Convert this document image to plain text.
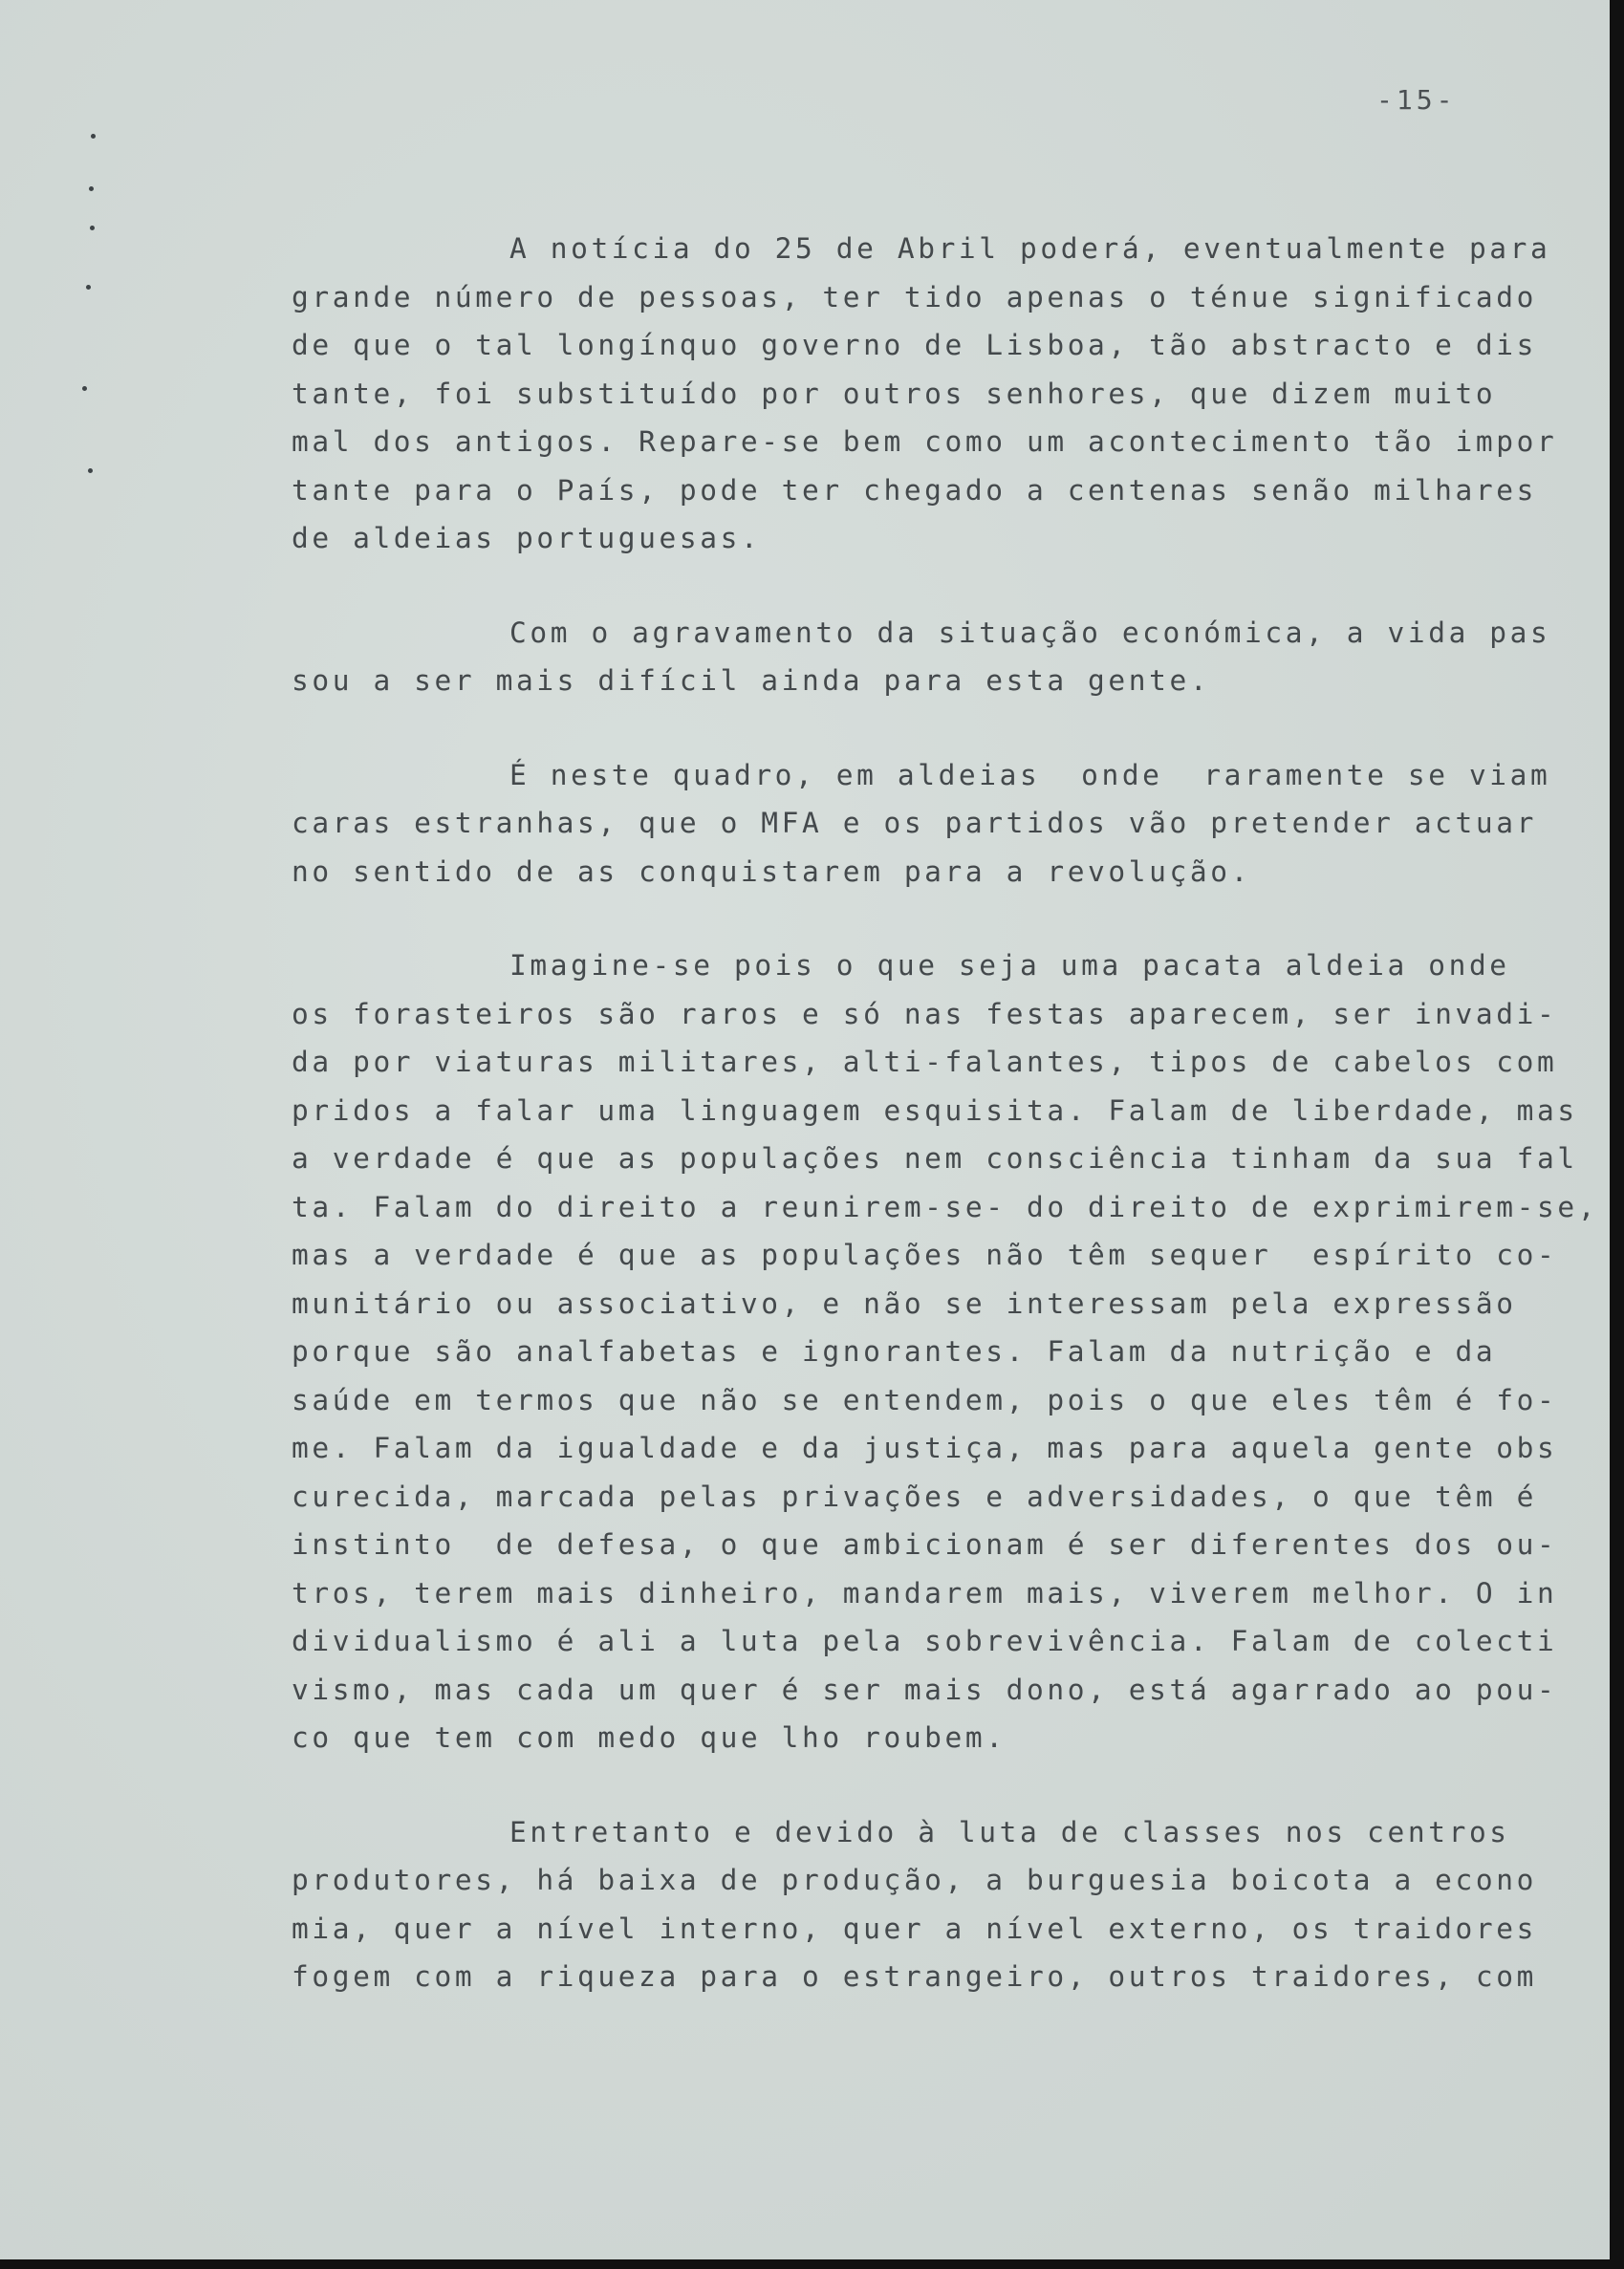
-15-
A notícia do 25 de Abril poderá, eventualmente para
grande número de pessoas, ter tido apenas o ténue significado
de que o tal longínquo governo de Lisboa, tão abstracto e dis
tante, foi substituído por outros senhores, que dizem muito
mal dos antigos. Repare-se bem como um acontecimento tão impor
tante para o País, pode ter chegado a centenas senão milhares
de aldeias portuguesas.
Com o agravamento da situação económica, a vida pas
sou a ser mais difícil ainda para esta gente.
É neste quadro, em aldeias  onde  raramente se viam
caras estranhas, que o MFA e os partidos vão pretender actuar
no sentido de as conquistarem para a revolução.
Imagine-se pois o que seja uma pacata aldeia onde
os forasteiros são raros e só nas festas aparecem, ser invadi-
da por viaturas militares, alti-falantes, tipos de cabelos com
pridos a falar uma linguagem esquisita. Falam de liberdade, mas
a verdade é que as populações nem consciência tinham da sua fal
ta. Falam do direito a reunirem-se- do direito de exprimirem-se,
mas a verdade é que as populações não têm sequer  espírito co-
munitário ou associativo, e não se interessam pela expressão
porque são analfabetas e ignorantes. Falam da nutrição e da
saúde em termos que não se entendem, pois o que eles têm é fo-
me. Falam da igualdade e da justiça, mas para aquela gente obs
curecida, marcada pelas privações e adversidades, o que têm é
instinto  de defesa, o que ambicionam é ser diferentes dos ou-
tros, terem mais dinheiro, mandarem mais, viverem melhor. O in
dividualismo é ali a luta pela sobrevivência. Falam de colecti
vismo, mas cada um quer é ser mais dono, está agarrado ao pou-
co que tem com medo que lho roubem.
Entretanto e devido à luta de classes nos centros
produtores, há baixa de produção, a burguesia boicota a econo
mia, quer a nível interno, quer a nível externo, os traidores
fogem com a riqueza para o estrangeiro, outros traidores, com
